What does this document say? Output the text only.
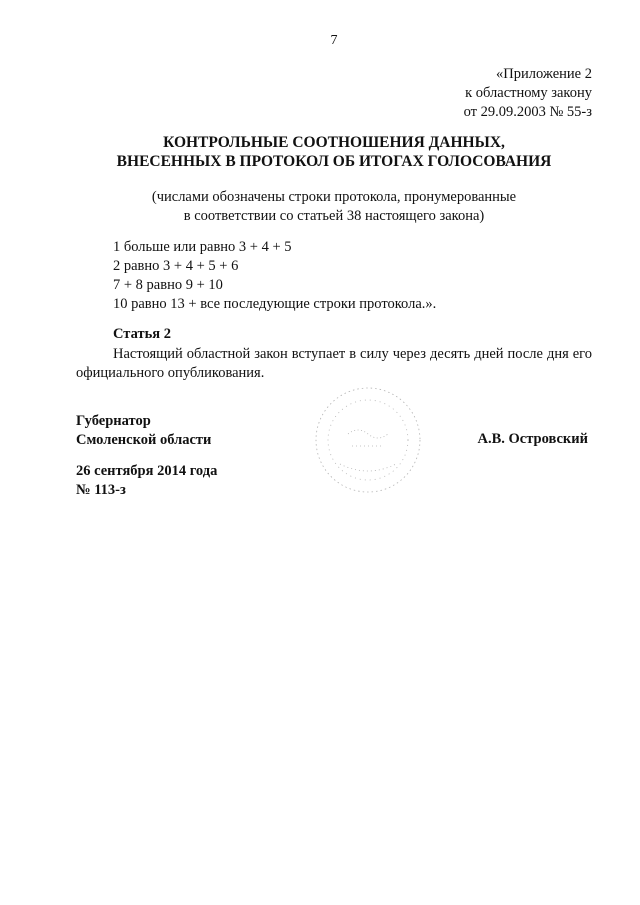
7
«Приложение 2
к областному закону
от 29.09.2003 № 55-з
КОНТРОЛЬНЫЕ СООТНОШЕНИЯ ДАННЫХ,
ВНЕСЕННЫХ В ПРОТОКОЛ ОБ ИТОГАХ ГОЛОСОВАНИЯ
(числами обозначены строки протокола, пронумерованные
в соответствии со статьей 38 настоящего закона)
1 больше или равно 3 + 4 + 5
2 равно 3 + 4 + 5 + 6
7 + 8 равно 9 + 10
10 равно 13 + все последующие строки протокола.».
Статья 2
Настоящий областной закон вступает в силу через десять дней после дня его официального опубликования.
Губернатор
Смоленской области	А.В. Островский
26 сентября 2014 года
№ 113-з
